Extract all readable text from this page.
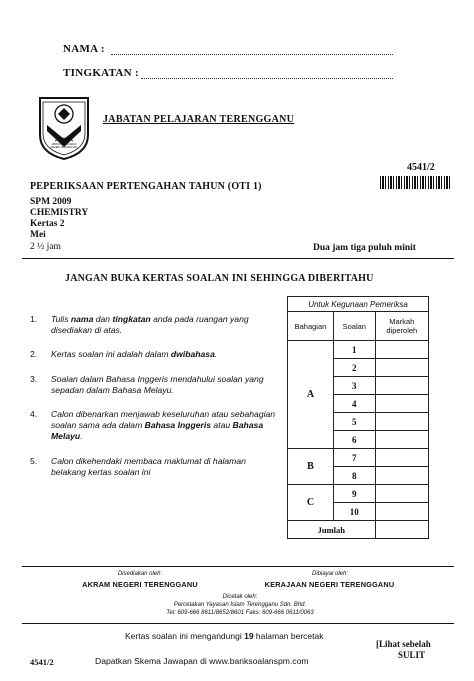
NAMA :
TINGKATAN :
JABATAN PELAJARAN NEGERI TERENGGANU
JABATAN PELAJARAN TERENGGANU
4541/2
PEPERIKSAAN PERTENGAHAN TAHUN (OTI 1)
SPM 2009
CHEMISTRY
Kertas 2
Mei
2 ½ jam	Dua jam tiga puluh minit
JANGAN BUKA KERTAS SOALAN INI SEHINGGA DIBERITAHU
1. Tulis nama dan tingkatan anda pada ruangan yang disediakan di atas.
2. Kertas soalan ini adalah dalam dwibahasa.
3. Soalan dalam Bahasa Inggeris mendahului soalan yang sepadan dalam Bahasa Melayu.
4. Calon dibenarkan menjawab keseluruhan atau sebahagian soalan sama ada dalam Bahasa Inggeris atau Bahasa Melayu.
5. Calon dikehendaki membaca maklumat di halaman belakang kertas soalan ini
Untuk Kegunaan Pemeriksa		
Bahagian	Soalan	Markah diperoleh
A	1	
	2	
	3	
	4	
	5	
	6	
B	7	
	8	
C	9	
	10	
Jumlah		
Disediakan oleh:
AKRAM NEGERI TERENGGANU
Dibiayai oleh:
KERAJAAN NEGERI TERENGGANU
Dicetak oleh:
Percetakan Yayasan Islam Terengganu Sdn. Bhd.
Tel: 609-666 8611/8652/8601 Faks: 609-666 0611/0063
Kertas soalan ini mengandungi 19 halaman bercetak
[Lihat sebelah
SULIT
4541/2	Dapatkan Skema Jawapan di www.banksoalanspm.com
